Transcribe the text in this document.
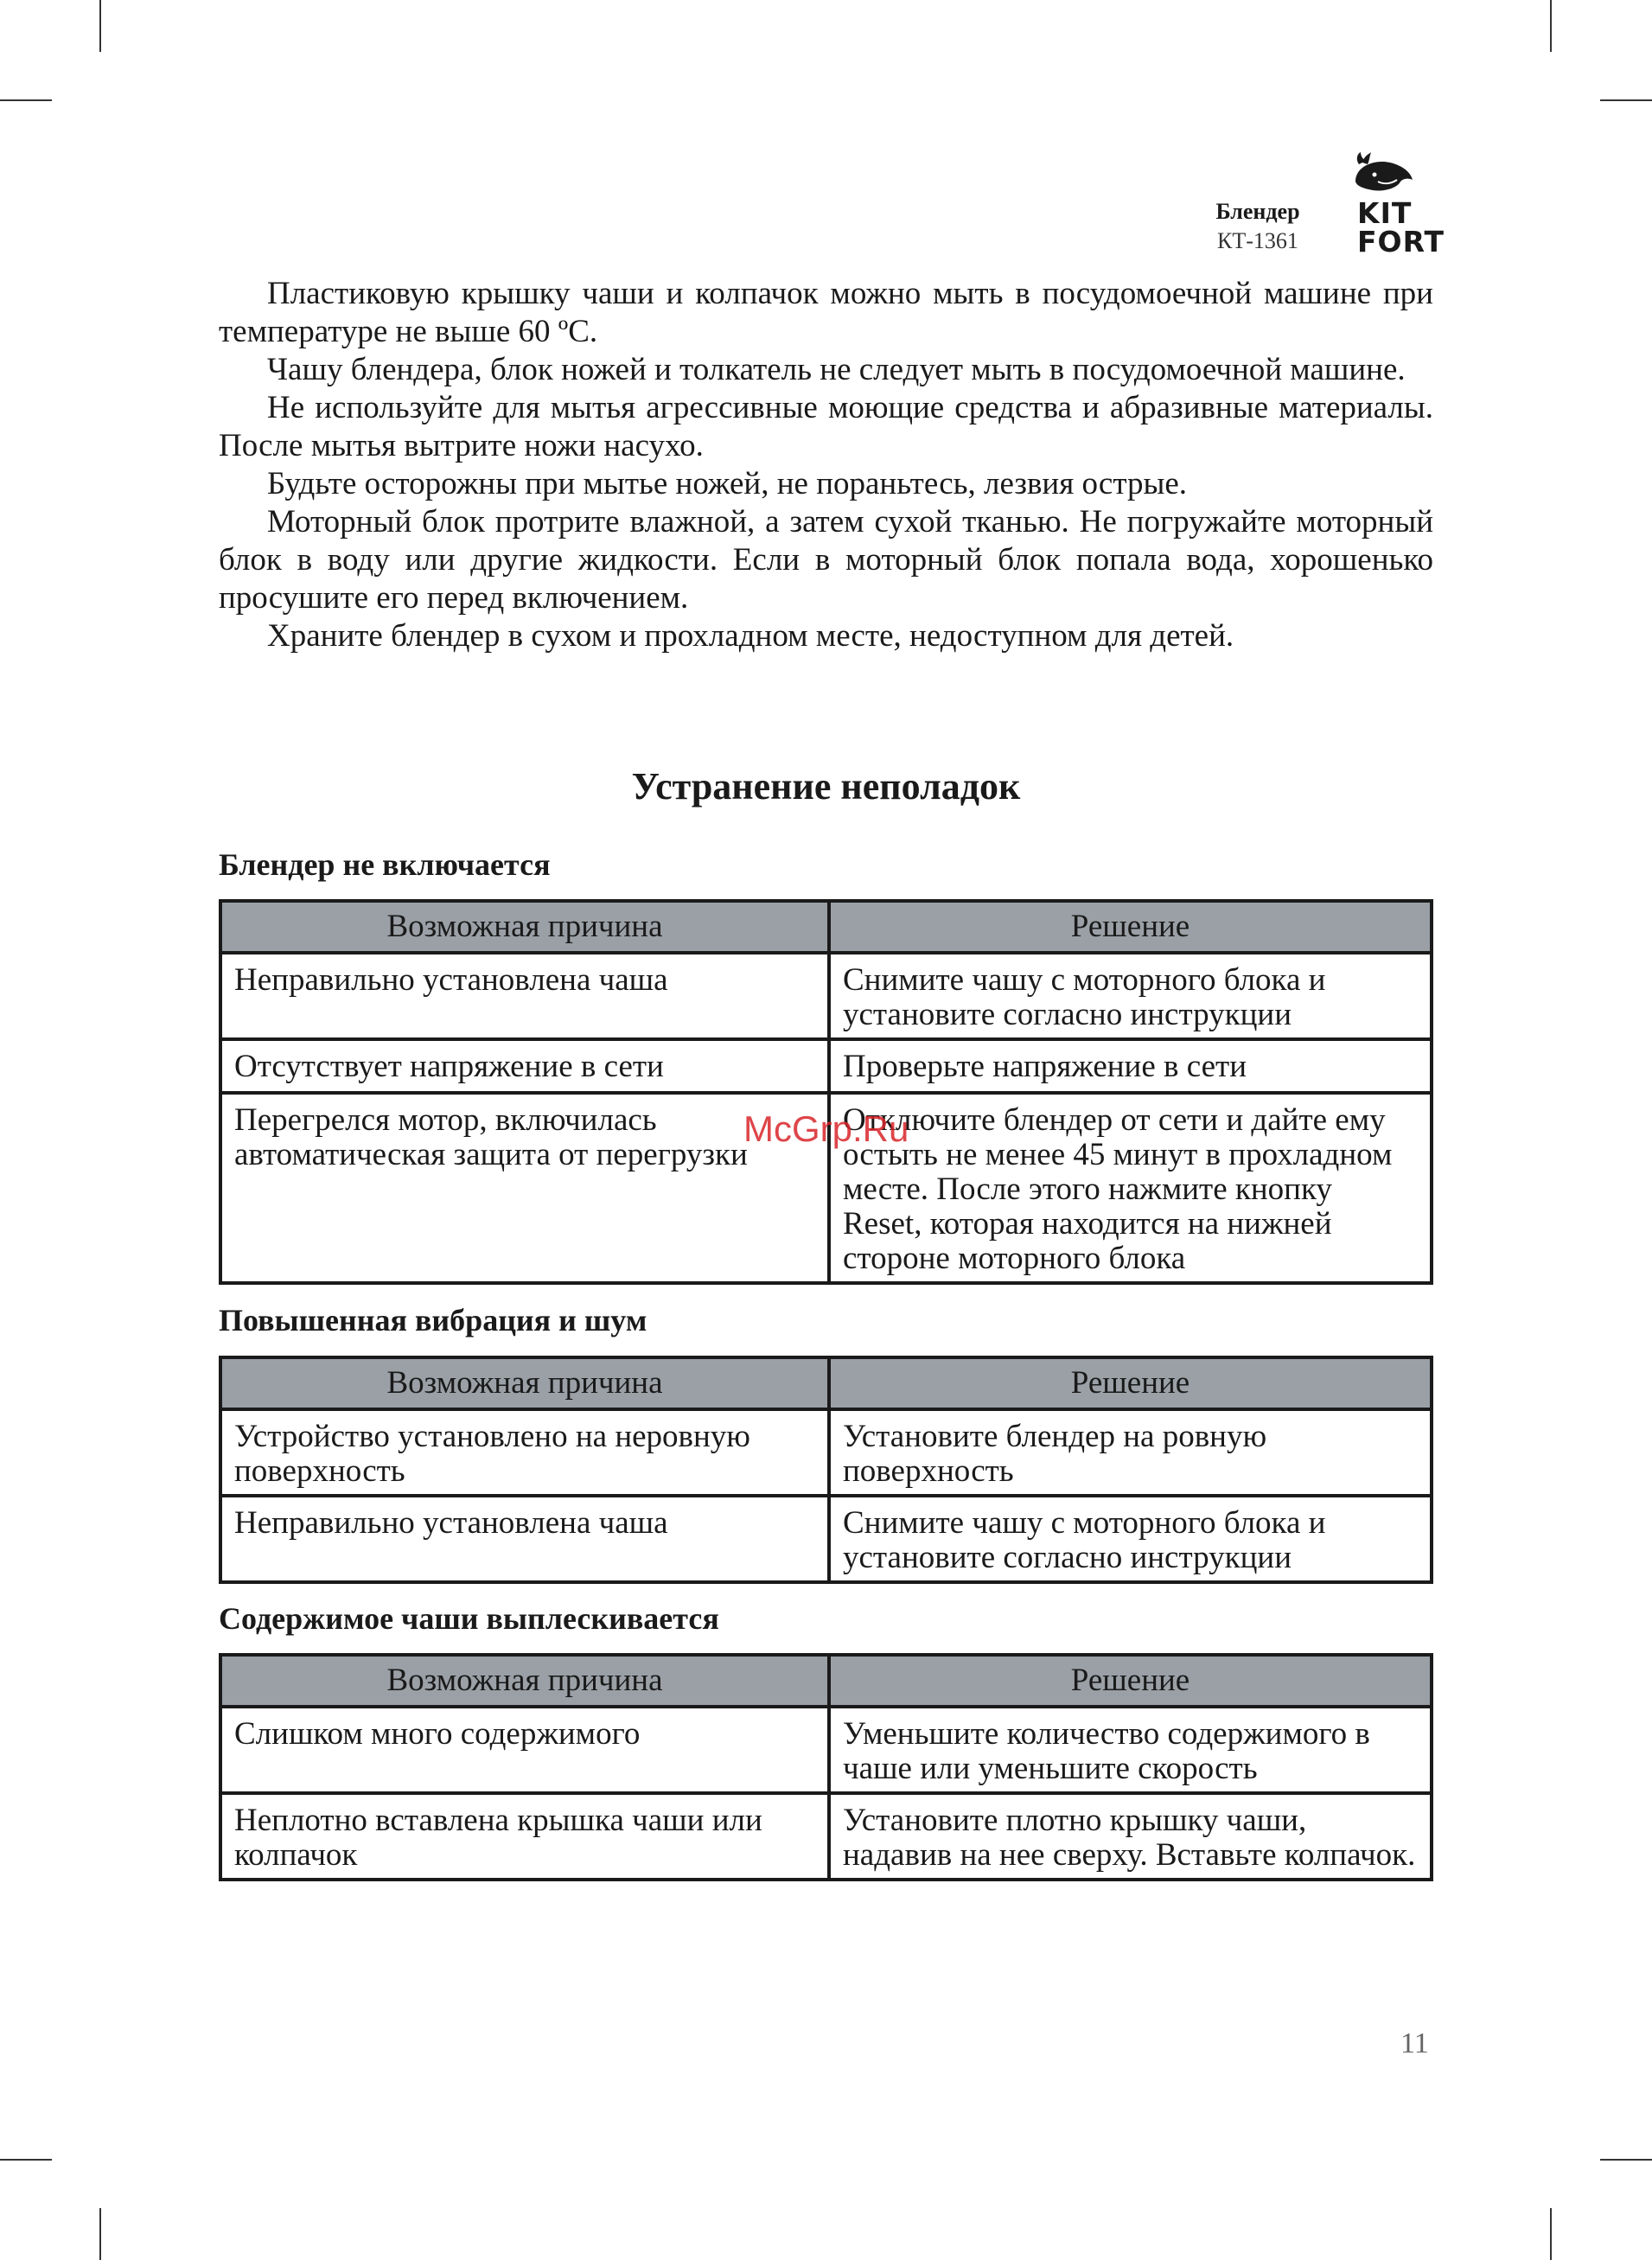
Блендер
КТ-1361
KIT
FORT

Пластиковую крышку чаши и колпачок можно мыть в посудомоечной машине при температуре не выше 60 ºС.

Чашу блендера, блок ножей и толкатель не следует мыть в посудомоечной машине.

Не используйте для мытья агрессивные моющие средства и абразивные материалы. После мытья вытрите ножи насухо.

Будьте осторожны при мытье ножей, не пораньтесь, лезвия острые.

Моторный блок протрите влажной, а затем сухой тканью. Не погружайте моторный блок в воду или другие жидкости. Если в моторный блок попала вода, хорошенько просушите его перед включением.

Храните блендер в сухом и прохладном месте, недоступном для детей.

Устранение неполадок
Блендер не включается
Возможная причина	Решение
Неправильно установлена чаша	Снимите чашу с моторного блока и установите согласно инструкции
Отсутствует напряжение в сети	Проверьте напряжение в сети
Перегрелся мотор, включилась автоматическая защита от перегрузки	Отключите блендер от сети и дайте ему остыть не менее 45 минут в прохладном месте. После этого нажмите кнопку Reset, которая находится на нижней стороне моторного блока
Повышенная вибрация и шум
Возможная причина	Решение
Устройство установлено на неровную поверхность	Установите блендер на ровную поверхность
Неправильно установлена чаша	Снимите чашу с моторного блока и установите согласно инструкции
Содержимое чаши выплескивается
Возможная причина	Решение
Слишком много содержимого	Уменьшите количество содержимого в чаше или уменьшите скорость
Неплотно вставлена крышка чаши или колпачок	Установите плотно крышку чаши, надавив на нее сверху. Вставьте колпачок.
McGrp.Ru
11
